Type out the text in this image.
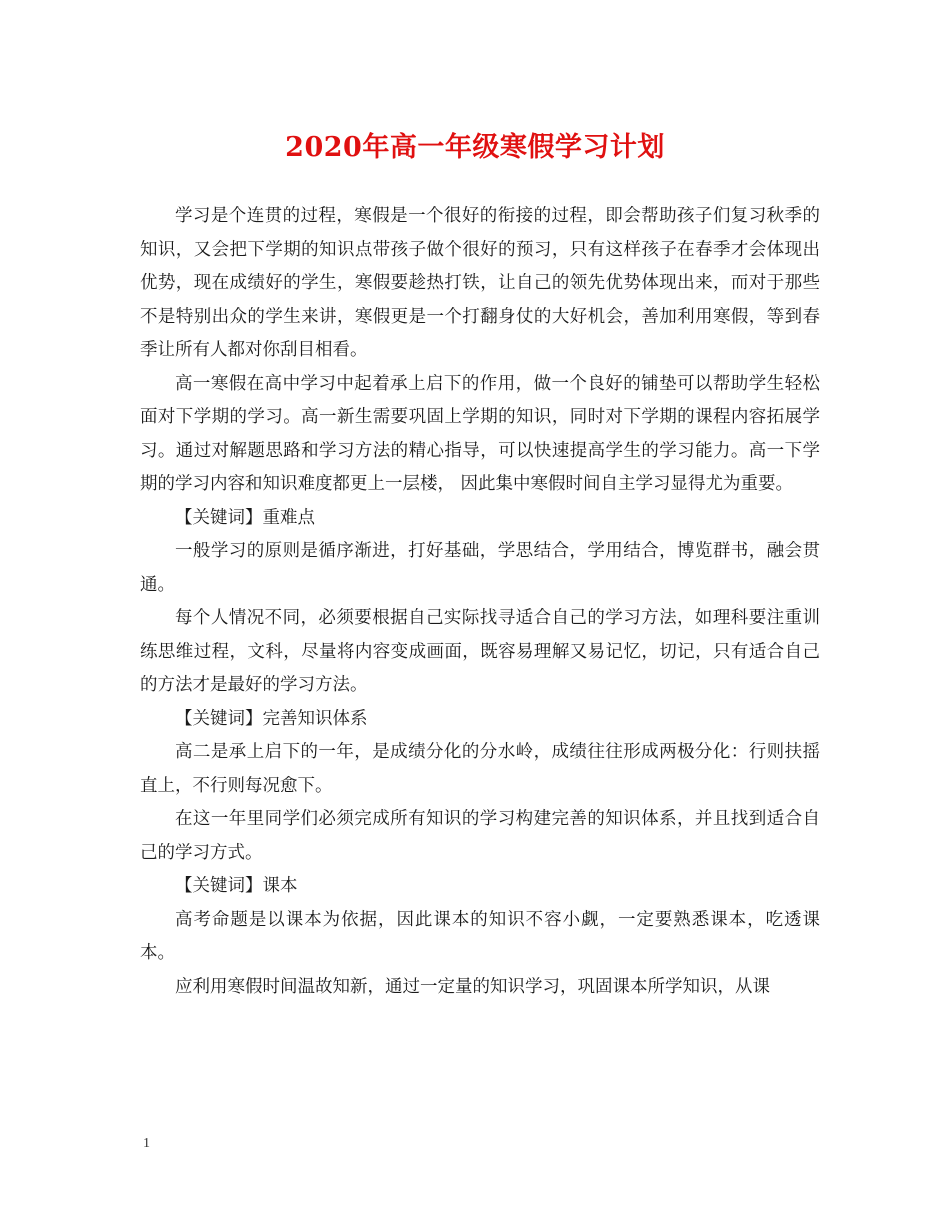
2020年高一年级寒假学习计划

学习是个连贯的过程，寒假是一个很好的衔接的过程，即会帮助孩子们复习秋季的知识，又会把下学期的知识点带孩子做个很好的预习，只有这样孩子在春季才会体现出优势，现在成绩好的学生，寒假要趁热打铁，让自己的领先优势体现出来，而对于那些不是特别出众的学生来讲，寒假更是一个打翻身仗的大好机会，善加利用寒假，等到春季让所有人都对你刮目相看。

高一寒假在高中学习中起着承上启下的作用，做一个良好的铺垫可以帮助学生轻松面对下学期的学习。高一新生需要巩固上学期的知识，同时对下学期的课程内容拓展学习。通过对解题思路和学习方法的精心指导，可以快速提高学生的学习能力。高一下学期的学习内容和知识难度都更上一层楼， 因此集中寒假时间自主学习显得尤为重要。

【关键词】重难点

一般学习的原则是循序渐进，打好基础，学思结合，学用结合，博览群书，融会贯通。

每个人情况不同，必须要根据自己实际找寻适合自己的学习方法，如理科要注重训练思维过程，文科，尽量将内容变成画面，既容易理解又易记忆，切记，只有适合自己的方法才是最好的学习方法。

【关键词】完善知识体系

高二是承上启下的一年，是成绩分化的分水岭，成绩往往形成两极分化：行则扶摇直上，不行则每况愈下。

在这一年里同学们必须完成所有知识的学习构建完善的知识体系，并且找到适合自己的学习方式。

【关键词】课本

高考命题是以课本为依据，因此课本的知识不容小觑，一定要熟悉课本，吃透课本。

应利用寒假时间温故知新，通过一定量的知识学习，巩固课本所学知识，从课

1
